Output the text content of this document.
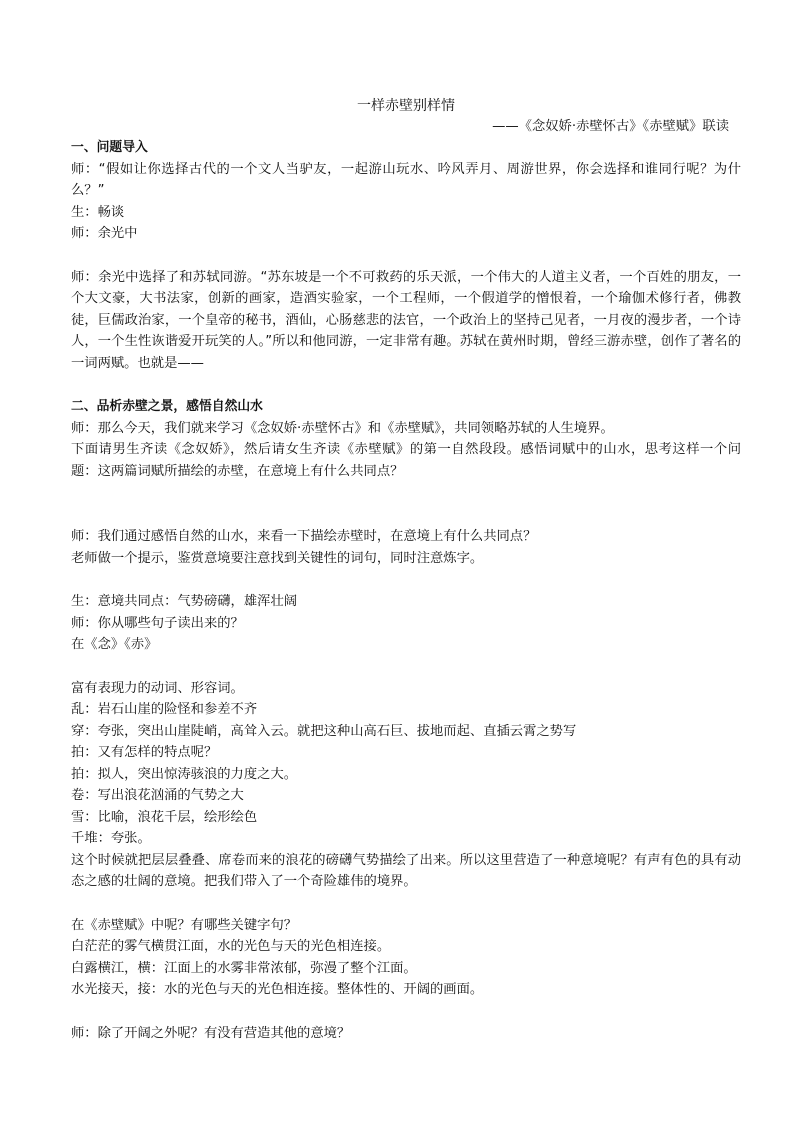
一样赤壁别样情

——《念奴娇·赤壁怀古》《赤壁赋》联读

一、问题导入

师：“假如让你选择古代的一个文人当驴友，一起游山玩水、吟风弄月、周游世界，你会选择和谁同行呢？为什么？”

生：畅谈

师：余光中

师：余光中选择了和苏轼同游。“苏东坡是一个不可救药的乐天派，一个伟大的人道主义者，一个百姓的朋友，一个大文豪，大书法家，创新的画家，造酒实验家，一个工程师，一个假道学的憎恨着，一个瑜伽术修行者，佛教徒，巨儒政治家，一个皇帝的秘书，酒仙，心肠慈悲的法官，一个政治上的坚持己见者，一月夜的漫步者，一个诗人，一个生性诙谐爱开玩笑的人。”所以和他同游，一定非常有趣。苏轼在黄州时期，曾经三游赤壁，创作了著名的一词两赋。也就是——

二、品析赤壁之景，感悟自然山水

师：那么今天，我们就来学习《念奴娇·赤壁怀古》和《赤壁赋》，共同领略苏轼的人生境界。

下面请男生齐读《念奴娇》，然后请女生齐读《赤壁赋》的第一自然段段。感悟词赋中的山水，思考这样一个问题：这两篇词赋所描绘的赤壁，在意境上有什么共同点？

师：我们通过感悟自然的山水，来看一下描绘赤壁时，在意境上有什么共同点？

老师做一个提示，鉴赏意境要注意找到关键性的词句，同时注意炼字。

生：意境共同点：气势磅礴，雄浑壮阔

师：你从哪些句子读出来的？

在《念》《赤》

富有表现力的动词、形容词。

乱：岩石山崖的险怪和参差不齐

穿：夸张，突出山崖陡峭，高耸入云。就把这种山高石巨、拔地而起、直插云霄之势写

拍：又有怎样的特点呢？

拍：拟人，突出惊涛骇浪的力度之大。

卷：写出浪花汹涌的气势之大

雪：比喻，浪花千层，绘形绘色

千堆：夸张。

这个时候就把层层叠叠、席卷而来的浪花的磅礴气势描绘了出来。所以这里营造了一种意境呢？有声有色的具有动态之感的壮阔的意境。把我们带入了一个奇险雄伟的境界。

在《赤壁赋》中呢？有哪些关键字句？

白茫茫的雾气横贯江面，水的光色与天的光色相连接。

白露横江，横：江面上的水雾非常浓郁，弥漫了整个江面。

水光接天，接：水的光色与天的光色相连接。整体性的、开阔的画面。

师：除了开阔之外呢？有没有营造其他的意境？
